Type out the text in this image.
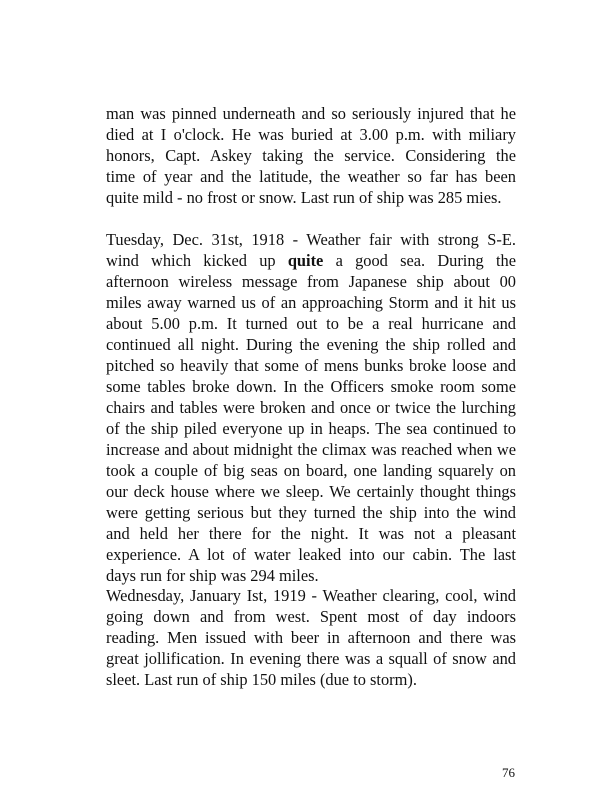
man was pinned underneath and so seriously injured that he
died at I o'clock. He was buried at 3.00 p.m. with miliary
honors, Capt. Askey taking the service. Considering the
time of year and the latitude, the weather so far has been
quite mild - no frost or snow. Last run of ship was 285 mies.
Tuesday, Dec. 31st, 1918 - Weather fair with strong S-E.
wind which kicked up quite a good sea. During the
afternoon wireless message from Japanese ship about 00
miles away warned us of an approaching Storm and it hit us
about 5.00 p.m. It turned out to be a real hurricane and
continued all night. During the evening the ship rolled and
pitched so heavily that some of mens bunks broke loose and
some tables broke down. In the Officers smoke room some
chairs and tables were broken and once or twice the lurching
of the ship piled everyone up in heaps. The sea continued to
increase and about midnight the climax was reached when we
took a couple of big seas on board, one landing squarely on
our deck house where we sleep. We certainly thought things
were getting serious but they turned the ship into the wind
and held her there for the night. It was not a pleasant
experience. A lot of water leaked into our cabin. The last
days run for ship was 294 miles.
Wednesday, January Ist, 1919 - Weather clearing, cool, wind
going down and from west. Spent most of day indoors
reading. Men issued with beer in afternoon and there was
great jollification. In evening there was a squall of snow and
sleet. Last run of ship 150 miles (due to storm).
76
